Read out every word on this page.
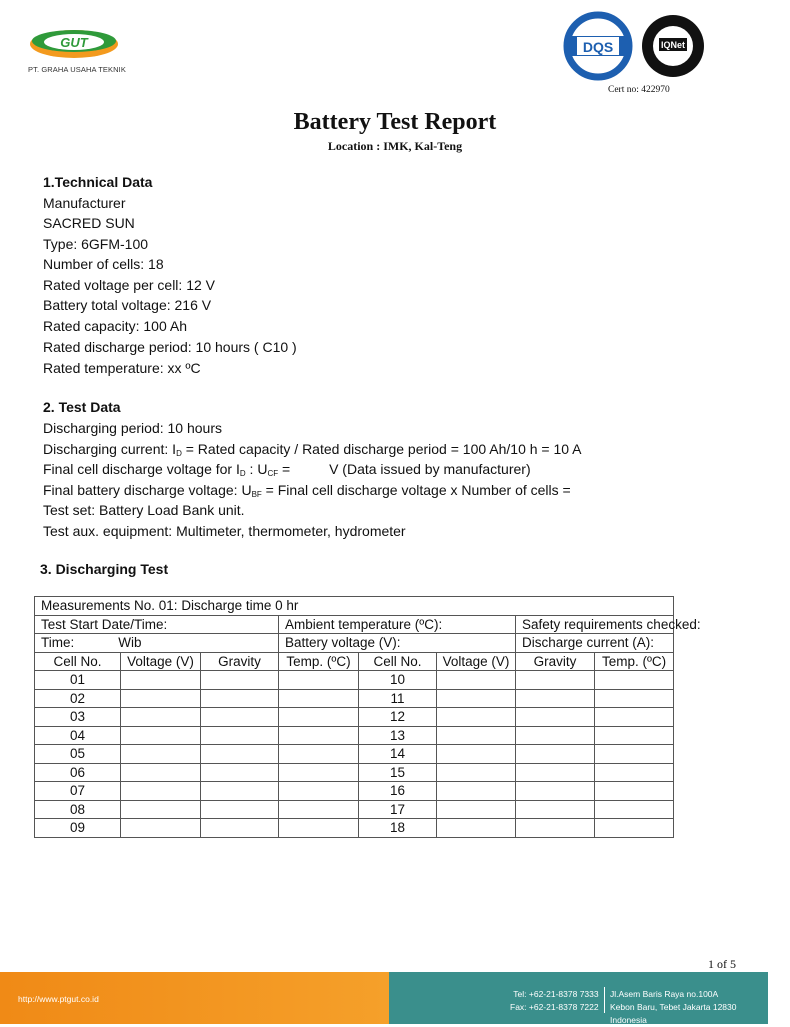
GUT
PT. GRAHA USAHA TEKNIK
DQS	IQNet
Cert no: 422970
Battery Test Report
Location : IMK, Kal-Teng
1.Technical Data
Manufacturer
SACRED SUN
Type: 6GFM-100
Number of cells: 18
Rated voltage per cell: 12 V
Battery total voltage: 216 V
Rated capacity: 100 Ah
Rated discharge period: 10 hours ( C10 )
Rated temperature: xx ºC
2. Test Data
Discharging period: 10 hours
Discharging current: $I_D$ = Rated capacity / Rated discharge period = 100 Ah/10 h = 10 A
Final cell discharge voltage for $I_D$ : $U_{CF}$ =          V (Data issued by manufacturer)
Final battery discharge voltage: $U_{BF}$ = Final cell discharge voltage x Number of cells =
Test set: Battery Load Bank unit.
Test aux. equipment: Multimeter, thermometer, hydrometer
3. Discharging Test
Measurements No. 01: Discharge time 0 hr							
Test Start Date/Time:			Ambient temperature (ºC):			Safety requirements checked:	
Time: Wib			Battery voltage (V):			Discharge current (A):	
Cell No.	Voltage (V)	Gravity	Temp. (ºC)	Cell No.	Voltage (V)	Gravity	Temp. (ºC)
01				10			
02				11			
03				12			
04				13			
05				14			
06				15			
07				16			
08				17			
09				18			
1 of 5
http://www.ptgut.co.id	Tel: +62-21-8378 7333
Fax: +62-21-8378 7222
Jl.Asem Baris Raya no.100A
Kebon Baru, Tebet Jakarta 12830 Indonesia
